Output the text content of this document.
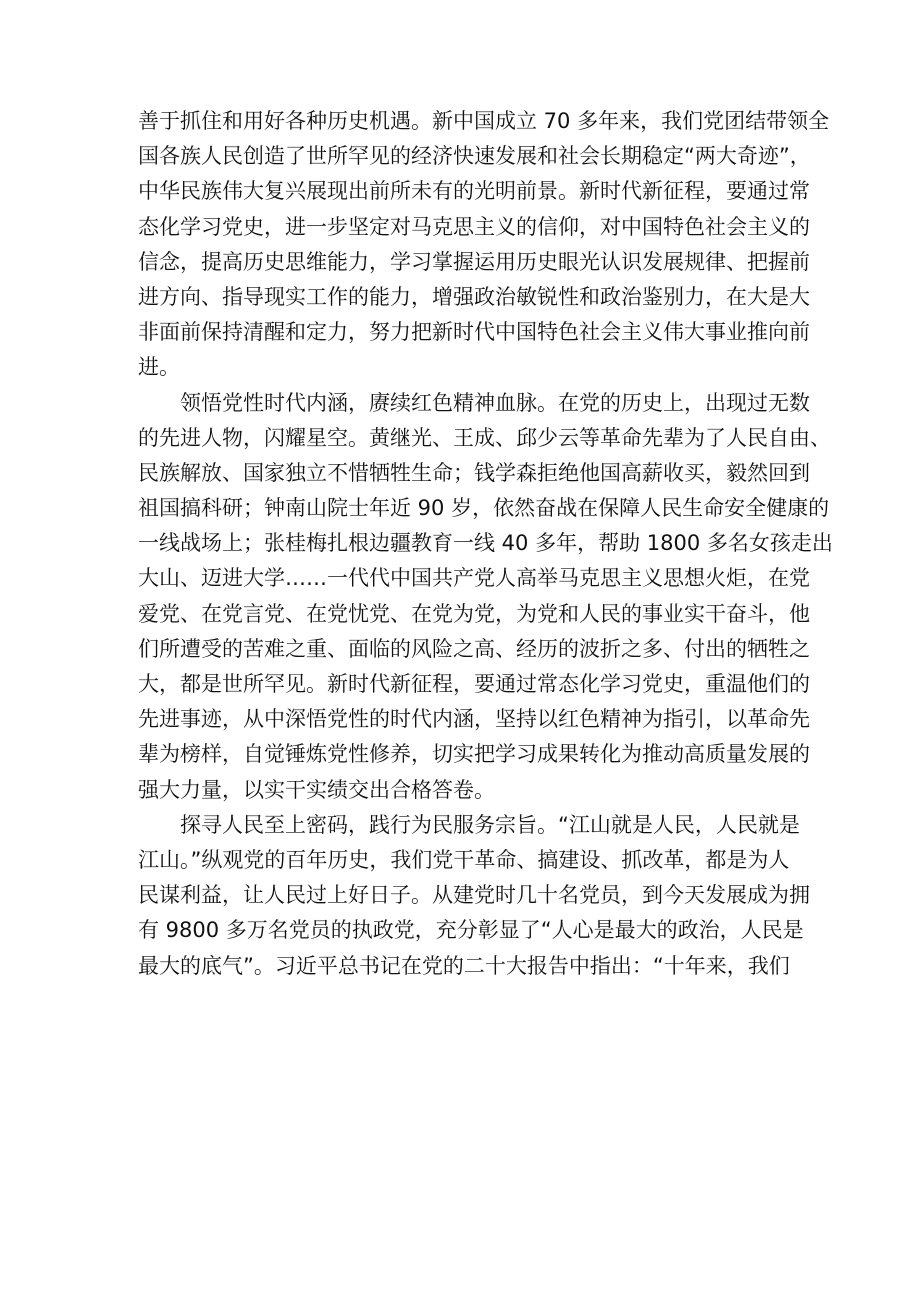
善于抓住和用好各种历史机遇。新中国成立 70 多年来，我们党团结带领全
国各族人民创造了世所罕见的经济快速发展和社会长期稳定“两大奇迹”，
中华民族伟大复兴展现出前所未有的光明前景。新时代新征程，要通过常
态化学习党史，进一步坚定对马克思主义的信仰，对中国特色社会主义的
信念，提高历史思维能力，学习掌握运用历史眼光认识发展规律、把握前
进方向、指导现实工作的能力，增强政治敏锐性和政治鉴别力，在大是大
非面前保持清醒和定力，努力把新时代中国特色社会主义伟大事业推向前
进。
　　领悟党性时代内涵，赓续红色精神血脉。在党的历史上，出现过无数
的先进人物，闪耀星空。黄继光、王成、邱少云等革命先辈为了人民自由、
民族解放、国家独立不惜牺牲生命；钱学森拒绝他国高薪收买，毅然回到
祖国搞科研；钟南山院士年近 90 岁，依然奋战在保障人民生命安全健康的
一线战场上；张桂梅扎根边疆教育一线 40 多年，帮助 1800 多名女孩走出
大山、迈进大学……一代代中国共产党人高举马克思主义思想火炬，在党
爱党、在党言党、在党忧党、在党为党，为党和人民的事业实干奋斗，他
们所遭受的苦难之重、面临的风险之高、经历的波折之多、付出的牺牲之
大，都是世所罕见。新时代新征程，要通过常态化学习党史，重温他们的
先进事迹，从中深悟党性的时代内涵，坚持以红色精神为指引，以革命先
辈为榜样，自觉锤炼党性修养，切实把学习成果转化为推动高质量发展的
强大力量，以实干实绩交出合格答卷。
　　探寻人民至上密码，践行为民服务宗旨。“江山就是人民，人民就是
江山。”纵观党的百年历史，我们党干革命、搞建设、抓改革，都是为人
民谋利益，让人民过上好日子。从建党时几十名党员，到今天发展成为拥
有 9800 多万名党员的执政党，充分彰显了“人心是最大的政治，人民是
最大的底气”。习近平总书记在党的二十大报告中指出：“十年来，我们
